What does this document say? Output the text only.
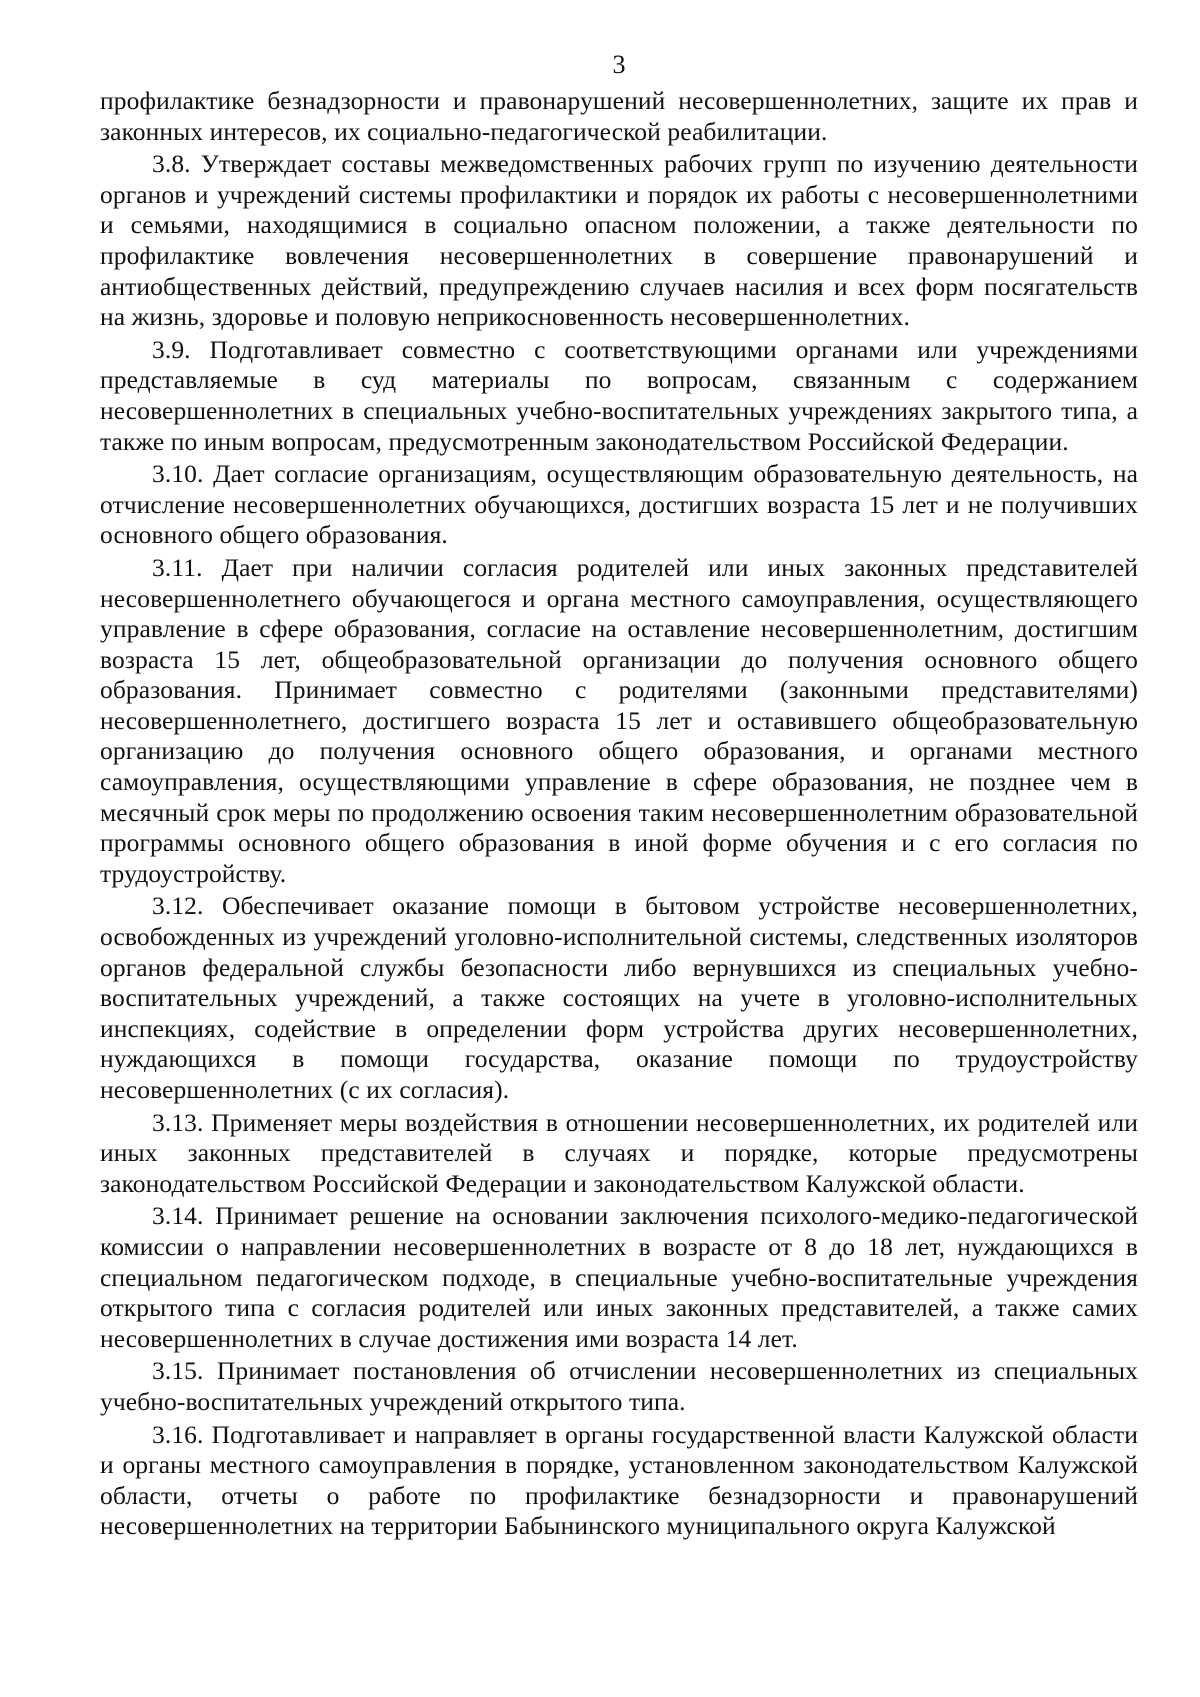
3

профилактике безнадзорности и правонарушений несовершеннолетних, защите их прав и законных интересов, их социально-педагогической реабилитации.

3.8. Утверждает составы межведомственных рабочих групп по изучению деятельности органов и учреждений системы профилактики и порядок их работы с несовершеннолетними и семьями, находящимися в социально опасном положении, а также деятельности по профилактике вовлечения несовершеннолетних в совершение правонарушений и антиобщественных действий, предупреждению случаев насилия и всех форм посягательств на жизнь, здоровье и половую неприкосновенность несовершеннолетних.

3.9. Подготавливает совместно с соответствующими органами или учреждениями представляемые в суд материалы по вопросам, связанным с содержанием несовершеннолетних в специальных учебно-воспитательных учреждениях закрытого типа, а также по иным вопросам, предусмотренным законодательством Российской Федерации.

3.10. Дает согласие организациям, осуществляющим образовательную деятельность, на отчисление несовершеннолетних обучающихся, достигших возраста 15 лет и не получивших основного общего образования.

3.11. Дает при наличии согласия родителей или иных законных представителей несовершеннолетнего обучающегося и органа местного самоуправления, осуществляющего управление в сфере образования, согласие на оставление несовершеннолетним, достигшим возраста 15 лет, общеобразовательной организации до получения основного общего образования. Принимает совместно с родителями (законными представителями) несовершеннолетнего, достигшего возраста 15 лет и оставившего общеобразовательную организацию до получения основного общего образования, и органами местного самоуправления, осуществляющими управление в сфере образования, не позднее чем в месячный срок меры по продолжению освоения таким несовершеннолетним образовательной программы основного общего образования в иной форме обучения и с его согласия по трудоустройству.

3.12. Обеспечивает оказание помощи в бытовом устройстве несовершеннолетних, освобожденных из учреждений уголовно-исполнительной системы, следственных изоляторов органов федеральной службы безопасности либо вернувшихся из специальных учебно-воспитательных учреждений, а также состоящих на учете в уголовно-исполнительных инспекциях, содействие в определении форм устройства других несовершеннолетних, нуждающихся в помощи государства, оказание помощи по трудоустройству несовершеннолетних (с их согласия).

3.13. Применяет меры воздействия в отношении несовершеннолетних, их родителей или иных законных представителей в случаях и порядке, которые предусмотрены законодательством Российской Федерации и законодательством Калужской области.

3.14. Принимает решение на основании заключения психолого-медико-педагогической комиссии о направлении несовершеннолетних в возрасте от 8 до 18 лет, нуждающихся в специальном педагогическом подходе, в специальные учебно-воспитательные учреждения открытого типа с согласия родителей или иных законных представителей, а также самих несовершеннолетних в случае достижения ими возраста 14 лет.

3.15. Принимает постановления об отчислении несовершеннолетних из специальных учебно-воспитательных учреждений открытого типа.

3.16. Подготавливает и направляет в органы государственной власти Калужской области и органы местного самоуправления в порядке, установленном законодательством Калужской области, отчеты о работе по профилактике безнадзорности и правонарушений несовершеннолетних на территории Бабынинского муниципального округа Калужской
